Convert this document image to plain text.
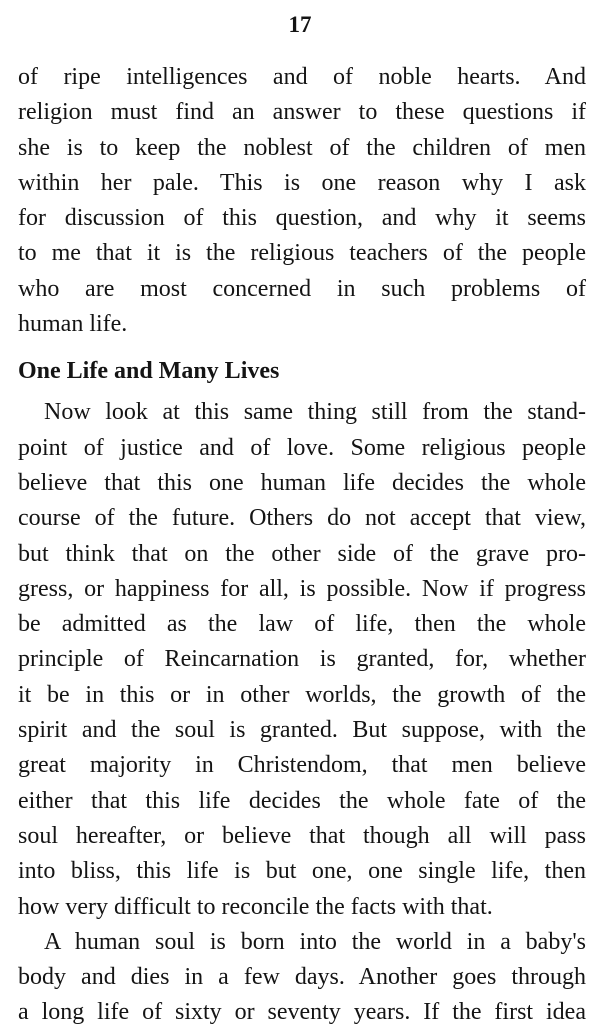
17

of ripe intelligences and of noble hearts. And
religion must find an answer to these questions if
she is to keep the noblest of the children of men
within her pale. This is one reason why I ask
for discussion of this question, and why it seems
to me that it is the religious teachers of the people
who are most concerned in such problems of
human life.

One Life and Many Lives

Now look at this same thing still from the stand-
point of justice and of love. Some religious people
believe that this one human life decides the whole
course of the future. Others do not accept that view,
but think that on the other side of the grave pro-
gress, or happiness for all, is possible. Now if progress
be admitted as the law of life, then the whole
principle of Reincarnation is granted, for, whether
it be in this or in other worlds, the growth of the
spirit and the soul is granted. But suppose, with the
great majority in Christendom, that men believe
either that this life decides the whole fate of the
soul hereafter, or believe that though all will pass
into bliss, this life is but one, one single life, then
how very difficult to reconcile the facts with that.

A human soul is born into the world in a baby's
body and dies in a few days. Another goes through
a long life of sixty or seventy years. If the first idea
